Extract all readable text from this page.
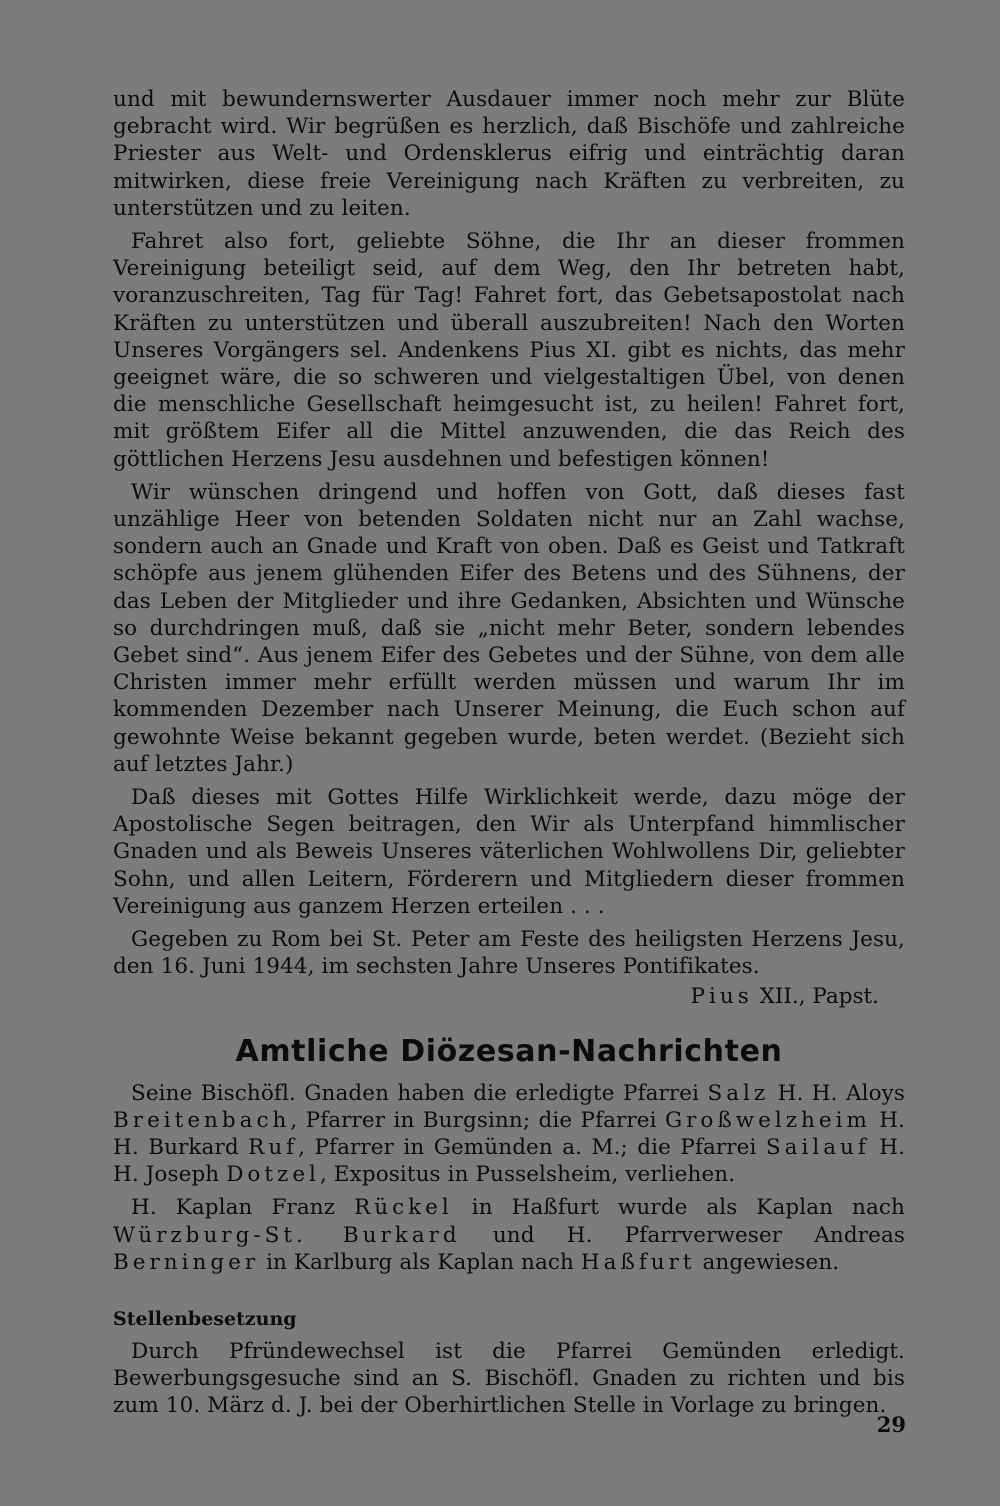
und mit bewundernswerter Ausdauer immer noch mehr zur Blüte gebracht wird. Wir begrüßen es herzlich, daß Bischöfe und zahlreiche Priester aus Welt- und Ordensklerus eifrig und einträchtig daran mitwirken, diese freie Vereinigung nach Kräften zu verbreiten, zu unterstützen und zu leiten.

Fahret also fort, geliebte Söhne, die Ihr an dieser frommen Vereinigung beteiligt seid, auf dem Weg, den Ihr betreten habt, voranzuschreiten, Tag für Tag! Fahret fort, das Gebetsapostolat nach Kräften zu unterstützen und überall auszubreiten! Nach den Worten Unseres Vorgängers sel. Andenkens Pius XI. gibt es nichts, das mehr geeignet wäre, die so schweren und vielgestaltigen Übel, von denen die menschliche Gesellschaft heimgesucht ist, zu heilen! Fahret fort, mit größtem Eifer all die Mittel anzuwenden, die das Reich des göttlichen Herzens Jesu ausdehnen und befestigen können!

Wir wünschen dringend und hoffen von Gott, daß dieses fast unzählige Heer von betenden Soldaten nicht nur an Zahl wachse, sondern auch an Gnade und Kraft von oben. Daß es Geist und Tatkraft schöpfe aus jenem glühenden Eifer des Betens und des Sühnens, der das Leben der Mitglieder und ihre Gedanken, Absichten und Wünsche so durchdringen muß, daß sie „nicht mehr Beter, sondern lebendes Gebet sind“. Aus jenem Eifer des Gebetes und der Sühne, von dem alle Christen immer mehr erfüllt werden müssen und warum Ihr im kommenden Dezember nach Unserer Meinung, die Euch schon auf gewohnte Weise bekannt gegeben wurde, beten werdet. (Bezieht sich auf letztes Jahr.)

Daß dieses mit Gottes Hilfe Wirklichkeit werde, dazu möge der Apostolische Segen beitragen, den Wir als Unterpfand himmlischer Gnaden und als Beweis Unseres väterlichen Wohlwollens Dir, geliebter Sohn, und allen Leitern, Förderern und Mitgliedern dieser frommen Vereinigung aus ganzem Herzen erteilen . . .

Gegeben zu Rom bei St. Peter am Feste des heiligsten Herzens Jesu, den 16. Juni 1944, im sechsten Jahre Unseres Pontifikates.

Pius XII., Papst.
Amtliche Diözesan-Nachrichten

Seine Bischöfl. Gnaden haben die erledigte Pfarrei Salz H. H. Aloys Breitenbach, Pfarrer in Burgsinn; die Pfarrei Großwelzheim H. H. Burkard Ruf, Pfarrer in Gemünden a. M.; die Pfarrei Sailauf H. H. Joseph Dotzel, Expositus in Pusselsheim, verliehen.

H. Kaplan Franz Rückel in Haßfurt wurde als Kaplan nach Würzburg-St. Burkard und H. Pfarrverweser Andreas Berninger in Karlburg als Kaplan nach Haßfurt angewiesen.

Stellenbesetzung

Durch Pfründewechsel ist die Pfarrei Gemünden erledigt. Bewerbungsgesuche sind an S. Bischöfl. Gnaden zu richten und bis zum 10. März d. J. bei der Oberhirtlichen Stelle in Vorlage zu bringen.

29
